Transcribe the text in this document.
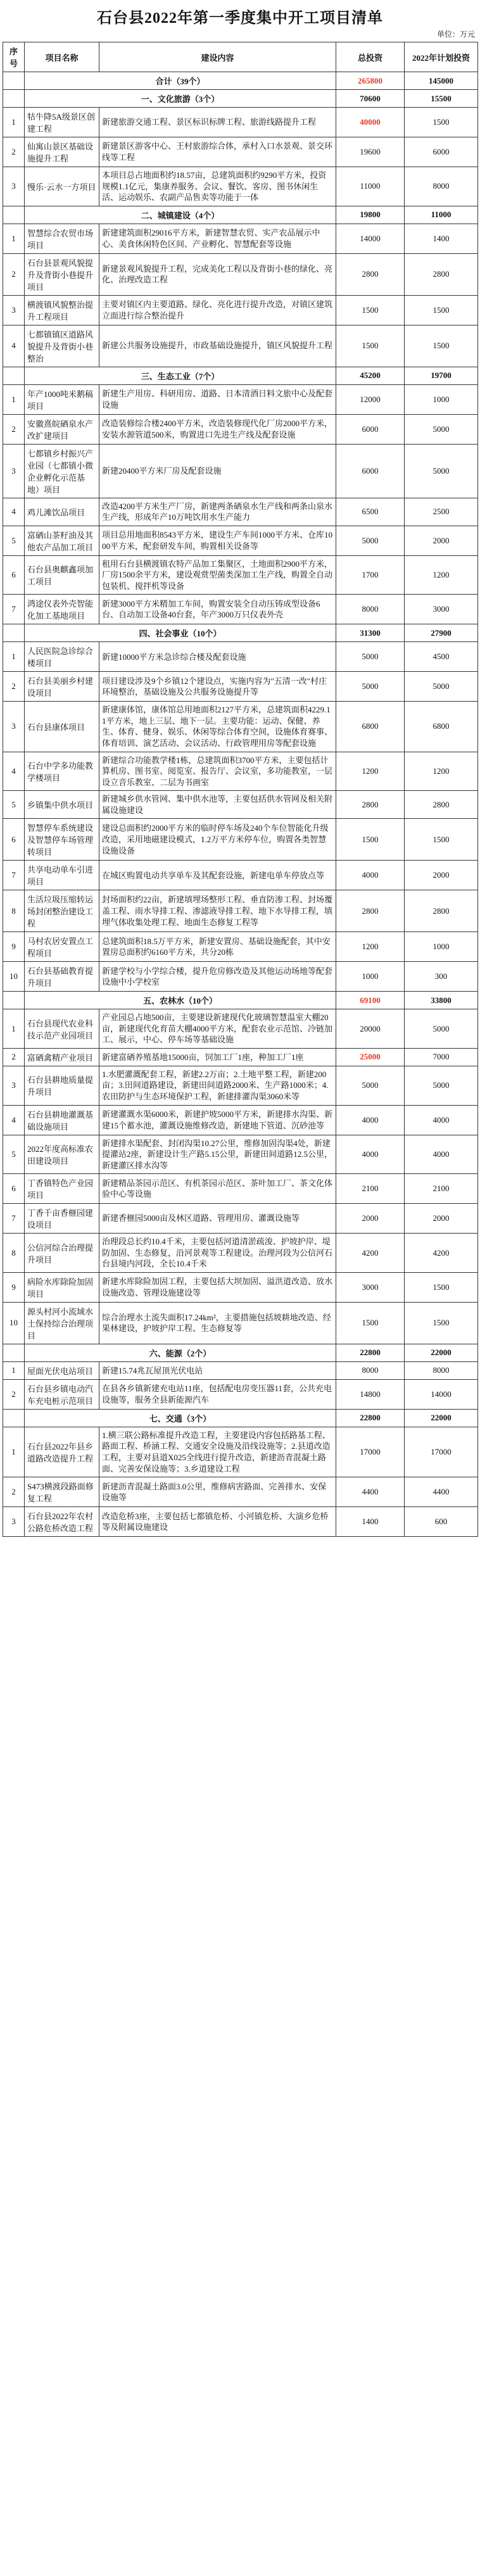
石台县2022年第一季度集中开工项目清单
单位：万元
序号	项目名称	建设内容	总投资	2022年计划投资
	合计（39个）		265800	145000
	一、文化旅游（3个）		70600	15500
1	牯牛降5A级景区创建工程	新建旅游交通工程、景区标识标牌工程、旅游线路提升工程	40000	1500
2	仙寓山景区基础设施提升工程	新建景区游客中心、王村旅游综合体，承村入口水景观、景交环线等工程	19600	6000
3	慢乐·云水一方项目	本项目总占地面积约18.57亩，总建筑面积约9290平方米，投资规模1.1亿元，集康养服务、会议、餐饮、客房、图书休闲生活、运动娱乐、农副产品售卖等功能于一体	11000	8000
	二、城镇建设（4个）		19800	11000
1	智慧综合农贸市场项目	新建建筑面积29016平方米，新建智慧农贸、实产农品展示中心、美食休闲特色区间、产业孵化、智慧配套等设施	14000	1400
2	石台县景观风貌提升及背街小巷提升项目	新建景观风貌提升工程，完成美化工程以及背街小巷的绿化、亮化、治理改造工程	2800	2800
3	横渡镇风貌整治提升工程项目	主要对镇区内主要道路、绿化、亮化进行提升改造，对镇区建筑立面进行综合整治提升	1500	1500
4	七都镇镇区道路风貌提升及背街小巷整治	新建公共服务设施提升，市政基础设施提升，镇区风貌提升工程	1500	1500
	三、生态工业（7个）		45200	19700
1	年产1000吨米鹅稿项目	新建生产用房、科研用房、道路、日本清酒日料文旅中心及配套设施	12000	1000
2	安徽熹皖硒泉水产改扩建项目	改造装修综合楼2400平方米，改造装修现代化厂房2000平方米，安装水源管道500米，购置进口先进生产线及配套设施	6000	5000
3	七都镇乡村振兴产业园（七都镇小微企业孵化示范基地）项目	新建20400平方米厂房及配套设施	6000	5000
4	鸡儿滩饮品项目	改造4200平方米生产厂房，新建两条硒泉水生产线和两条山泉水生产线，形成年产10万吨饮用水生产能力	6500	2500
5	富硒山茶籽油及其他农产品加工项目	项目总用地面积8543平方米，建设生产车间1000平方米、仓库1000平方米，配套研发车间，购置相关设备等	5000	2000
6	石台县奥麒鑫项加工项目	租用石台县横渡镇农特产品加工集聚区，土地面积2900平方米，厂房1500余平方米，建设观赏型菌类深加工生产线，购置全自动包装机、搅拌机等设备	1700	1200
7	鸿途仪表外壳智能化加工基地项目	新建3000平方米精加工车间，购置安装全自动压铸成型设备6台、自动加工设备40台套，年产3000万只仪表外壳	8000	3000
	四、社会事业（10个）		31300	27900
1	人民医院急诊综合楼项目	新建10000平方米急诊综合楼及配套设施	5000	4500
2	石台县美丽乡村建设项目	项目建设涉及9个乡镇12个建设点，实施内容为"五清一改"村庄环境整治，基础设施及公共服务设施提升等	5000	5000
3	石台县康体项目	新建康体馆，康体馆总用地面积2127平方米，总建筑面积4229.11平方米，地上三层、地下一层。主要功能：运动、保健、养生、体育、健身、娱乐、休闲等综合体育空间，设施体育赛事、体育培训、演艺活动、会议活动、行政管理用房等配套设施	6800	6800
4	石台中学多功能教学楼项目	新建综合功能教学楼1栋，总建筑面积3700平方米，主要包括计算机房、图书室、阅览室、报告厅、会议室，多功能教室，一层设立音乐教室、二层为书画室	1200	1200
5	乡镇集中供水项目	新建城乡供水管网、集中供水池等，主要包括供水管网及相关附属设施建设	2800	2800
6	智慧停车系统建设及智慧停车场管理转项目	建设总面积约2000平方米的临时停车场及240个车位智能化升级改造，采用地磁建设模式，1.2万平方米停车位，购置各类智慧设施设备	1500	1500
7	共享电动单车引进项目	在城区购置电动共享单车及其配套设施，新建电单车停放点等	4000	2000
8	生活垃圾压缩转运场封闭整治建设工程	封场面积约22亩，新建填埋场整形工程、垂直防渗工程、封场覆盖工程、雨水导排工程、渗滤液导排工程、地下水导排工程，填埋气体收集处理工程、地面生态修复工程等	2800	2800
9	马村农居安置点工程项目	总建筑面积18.5万平方米，新建安置房、基础设施配套，其中安置房总面积约6160平方米，共分20栋	1200	1000
10	石台县基础教育提升项目	新建学校与小学综合楼，提升危房修改造及其他运动场地等配套设施中小学校室	1000	300
	五、农林水（10个）		69100	33800
1	石台县现代农业科技示范产业园项目	产业园总占地500亩，主要建设新建现代化玻璃智慧温室大棚20亩，新建现代化育苗大棚4000平方米，配套农业示范馆、冷链加工、展示，中心、停车场等基础设施	20000	5000
2	富硒禽精产业项目	新建富硒养殖基地15000亩，饲加工厂1座，种加工厂1座	25000	7000
3	石台县耕地质量提升项目	1.水肥灌溉配套工程，新建2.2万亩；2.土地平整工程，新建200亩；3.田间道路建设，新建田间道路2000米、生产路1000米；4.农田防护与生态环境保护工程，新建排灌沟渠3060米等	5000	5000
4	石台县耕地灌溉基础设施项目	新建灌溉水渠6000米，新建护坡5000平方米，新建排水沟渠、新建15个蓄水池，灌溉设施维修改造，新建地下管道、沉砂池等	4000	4000
5	2022年度高标准农田建设项目	新建排水渠配套、封闭沟渠10.27公里，维修加固沟渠4处，新建提灌站2座，新建设计生产路5.15公里，新建田间道路12.5公里，新建灌区排水沟等	4000	4000
6	丁香镇特色产业园项目	新建精品茶园示范区、有机茶园示范区、茶叶加工厂、茶文化体验中心等设施	2100	2100
7	丁香千亩香榧园建设项目	新建香榧园5000亩及林区道路、管理用房、灌溉设施等	2000	2000
8	公信河综合治理提升项目	治理段总长约10.4千米，主要包括河道清淤疏浚、护坡护岸、堤防加固、生态修复，沿河景观等工程建设。治理河段为公信河石台县境内河段，全长10.4千米	4200	4200
9	病险水库除险加固项目	新建水库除险加固工程，主要包括大坝加固、溢洪道改造、放水设施改造、管理设施建设等	3000	1500
10	源头村河小流域水土保持综合治理项目	综合治理水土流失面积17.24km²，主要措施包括坡耕地改造、经果林建设，护坡护岸工程、生态修复等	1500	1500
	六、能源（2个）		22800	22000
1	屋面光伏电站项目	新建15.74兆瓦屋顶光伏电站	8000	8000
2	石台县乡镇电动汽车充电桩示范项目	在县各乡镇新建充电站11座，包括配电房变压器11套，公共充电设施等，服务全县新能源汽车	14800	14000
	七、交通（3个）		22800	22000
1	石台县2022年县乡道路改造提升工程	1.横三联公路标准提升改造工程，主要建设内容包括路基工程、路面工程、桥涵工程、交通安全设施及沿线设施等；2.县道改造工程，主要对县道X025全线进行提升改造，新建沥青混凝土路面、完善安保设施等；3.乡道建设工程	17000	17000
2	S473横渡段路面修复工程	新建沥青混凝土路面3.0公里，维修病害路面、完善排水、安保设施等	4400	4400
3	石台县2022年农村公路危桥改造工程	改造危桥3座，主要包括七都镇危桥、小河镇危桥、大演乡危桥等及附属设施建设	1400	600
